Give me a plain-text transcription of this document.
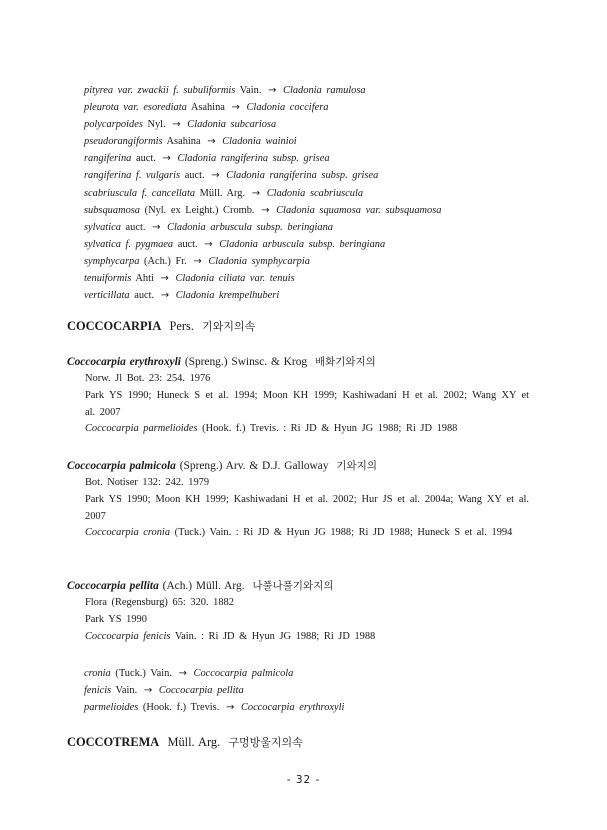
pityrea var. zwackii f. subuliformis Vain. → Cladonia ramulosa
pleurota var. esorediata Asahina → Cladonia coccifera
polycarpoides Nyl. → Cladonia subcariosa
pseudorangiformis Asahina → Cladonia wainioi
rangiferina auct. → Cladonia rangiferina subsp. grisea
rangiferina f. vulgaris auct. → Cladonia rangiferina subsp. grisea
scabriuscula f. cancellata Müll. Arg. → Cladonia scabriuscula
subsquamosa (Nyl. ex Leight.) Cromb. → Cladonia squamosa var. subsquamosa
sylvatica auct. → Cladonia arbuscula subsp. beringiana
sylvatica f. pygmaea auct. → Cladonia arbuscula subsp. beringiana
symphycarpa (Ach.) Fr. → Cladonia symphycarpia
tenuiformis Ahti → Cladonia ciliata var. tenuis
verticillata auct. → Cladonia krempelhuberi
COCCOCARPIA Pers. 기와지의속
Coccocarpia erythroxyli (Spreng.) Swinsc. & Krog 배화기와지의
Norw. Jl Bot. 23: 254. 1976
Park YS 1990; Huneck S et al. 1994; Moon KH 1999; Kashiwadani H et al. 2002; Wang XY et al. 2007
Coccocarpia parmelioides (Hook. f.) Trevis. : Ri JD & Hyun JG 1988; Ri JD 1988
Coccocarpia palmicola (Spreng.) Arv. & D.J. Galloway 기와지의
Bot. Notiser 132: 242. 1979
Park YS 1990; Moon KH 1999; Kashiwadani H et al. 2002; Hur JS et al. 2004a; Wang XY et al. 2007
Coccocarpia cronia (Tuck.) Vain. : Ri JD & Hyun JG 1988; Ri JD 1988; Huneck S et al. 1994
Coccocarpia pellita (Ach.) Müll. Arg. 나풀나풀기와지의
Flora (Regensburg) 65: 320. 1882
Park YS 1990
Coccocarpia fenicis Vain. : Ri JD & Hyun JG 1988; Ri JD 1988
cronia (Tuck.) Vain. → Coccocarpia palmicola
fenicis Vain. → Coccocarpia pellita
parmelioides (Hook. f.) Trevis. → Coccocarpia erythroxyli
COCCOTREMA Müll. Arg. 구멍방울지의속
- 32 -
